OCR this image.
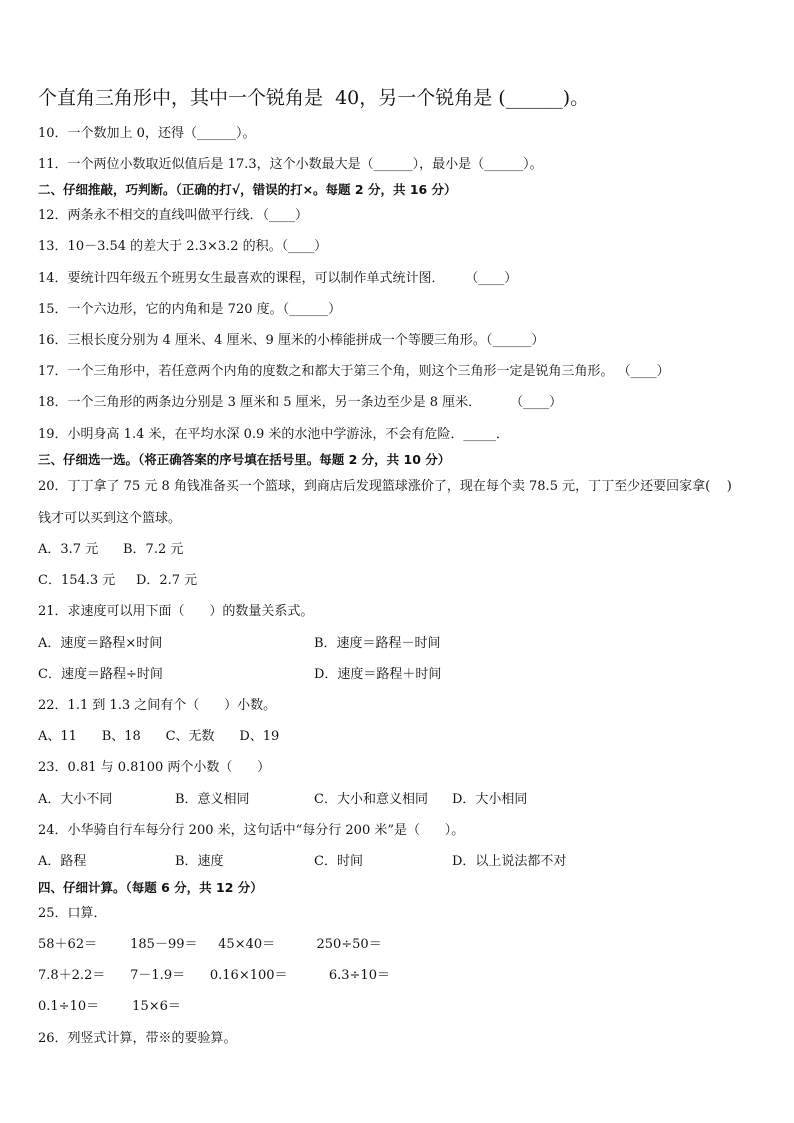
个直角三角形中，其中一个锐角是  40，另一个锐角是 (______)。
10．一个数加上 0，还得（______）。
11．一个两位小数取近似值后是 17.3，这个小数最大是（______），最小是（______）。
二、仔细推敲，巧判断。（正确的打√，错误的打×。每题 2 分，共 16 分）
12．两条永不相交的直线叫做平行线．（____）
13．10－3.54 的差大于 2.3×3.2 的积。（____）
14．要统计四年级五个班男女生最喜欢的课程，可以制作单式统计图．     （____）
15．一个六边形，它的内角和是 720 度。（______）
16．三根长度分别为 4 厘米、4 厘米、9 厘米的小棒能拼成一个等腰三角形。（______）
17．一个三角形中，若任意两个内角的度数之和都大于第三个角，则这个三角形一定是锐角三角形。 （____）
18．一个三角形的两条边分别是 3 厘米和 5 厘米，另一条边至少是 8 厘米．       （____）
19．小明身高 1.4 米，在平均水深 0.9 米的水池中学游泳，不会有危险．_____．
三、仔细选一选。（将正确答案的序号填在括号里。每题 2 分，共 10 分）
20．丁丁拿了 75 元 8 角钱准备买一个篮球，到商店后发现篮球涨价了，现在每个卖 78.5 元，丁丁至少还要回家拿(    )
钱才可以买到这个篮球。
A．3.7 元      B．7.2 元
C．154.3 元     D．2.7 元
21．求速度可以用下面（      ）的数量关系式。
A．速度＝路程×时间	B．速度＝路程－时间
C．速度＝路程÷时间	D．速度＝路程＋时间
22．1.1 到 1.3 之间有个（      ）小数。
A、11      B、18      C、无数      D、19
23．0.81 与 0.8100 两个小数（      ）
A．大小不同	B．意义相同	C．大小和意义相同 D．大小相同
24．小华骑自行车每分行 200 米，这句话中“每分行 200 米”是（      ）。
A．路程	B．速度	C．时间	D．以上说法都不对
四、仔细计算。（每题 6 分，共 12 分）
25．口算．
58＋62＝        185－99＝     45×40＝          250÷50＝
7.8＋2.2＝      7－1.9＝      0.16×100＝          6.3÷10＝
0.1÷10＝        15×6＝
26．列竖式计算，带※的要验算。
